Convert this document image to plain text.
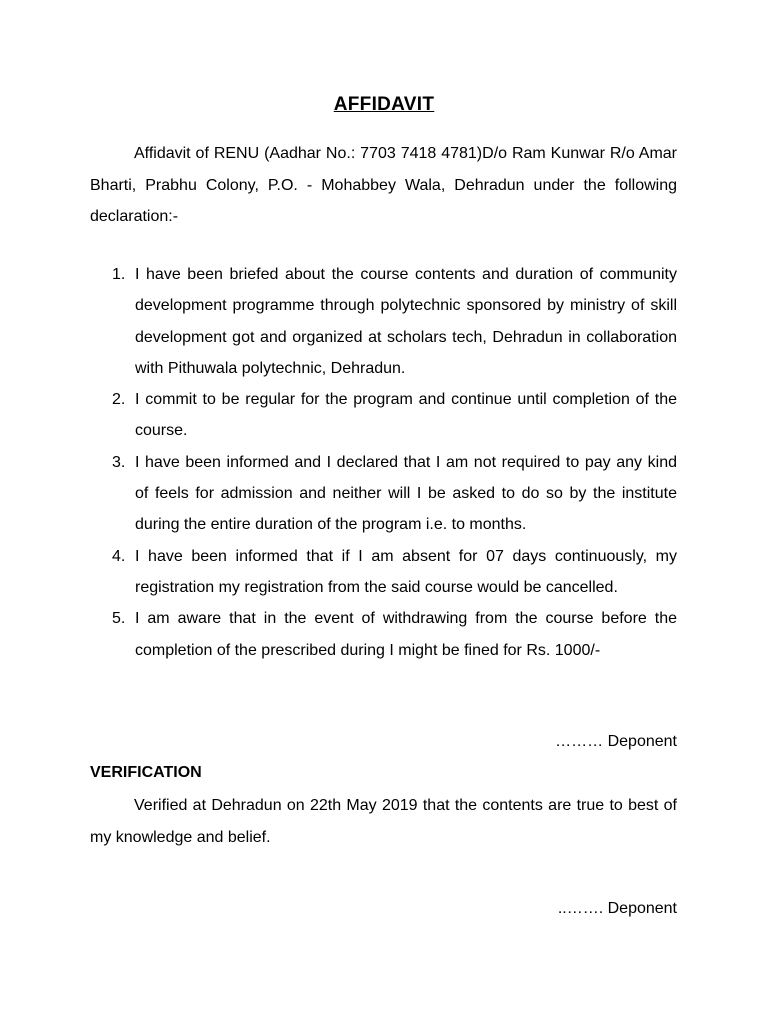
AFFIDAVIT

Affidavit of RENU (Aadhar No.: 7703 7418 4781)D/o Ram Kunwar R/o Amar Bharti, Prabhu Colony, P.O. - Mohabbey Wala, Dehradun under the following declaration:-

1. I have been briefed about the course contents and duration of community development programme through polytechnic sponsored by ministry of skill development got and organized at scholars tech, Dehradun in collaboration with Pithuwala polytechnic, Dehradun.
2. I commit to be regular for the program and continue until completion of the course.
3. I have been informed and I declared that I am not required to pay any kind of feels for admission and neither will I be asked to do so by the institute during the entire duration of the program i.e. to months.
4. I have been informed that if I am absent for 07 days continuously, my registration my registration from the said course would be cancelled.
5. I am aware that in the event of withdrawing from the course before the completion of the prescribed during I might be fined for Rs. 1000/-
……… Deponent
VERIFICATION

Verified at Dehradun on 22th May 2019 that the contents are true to best of my knowledge and belief.

..……. Deponent
